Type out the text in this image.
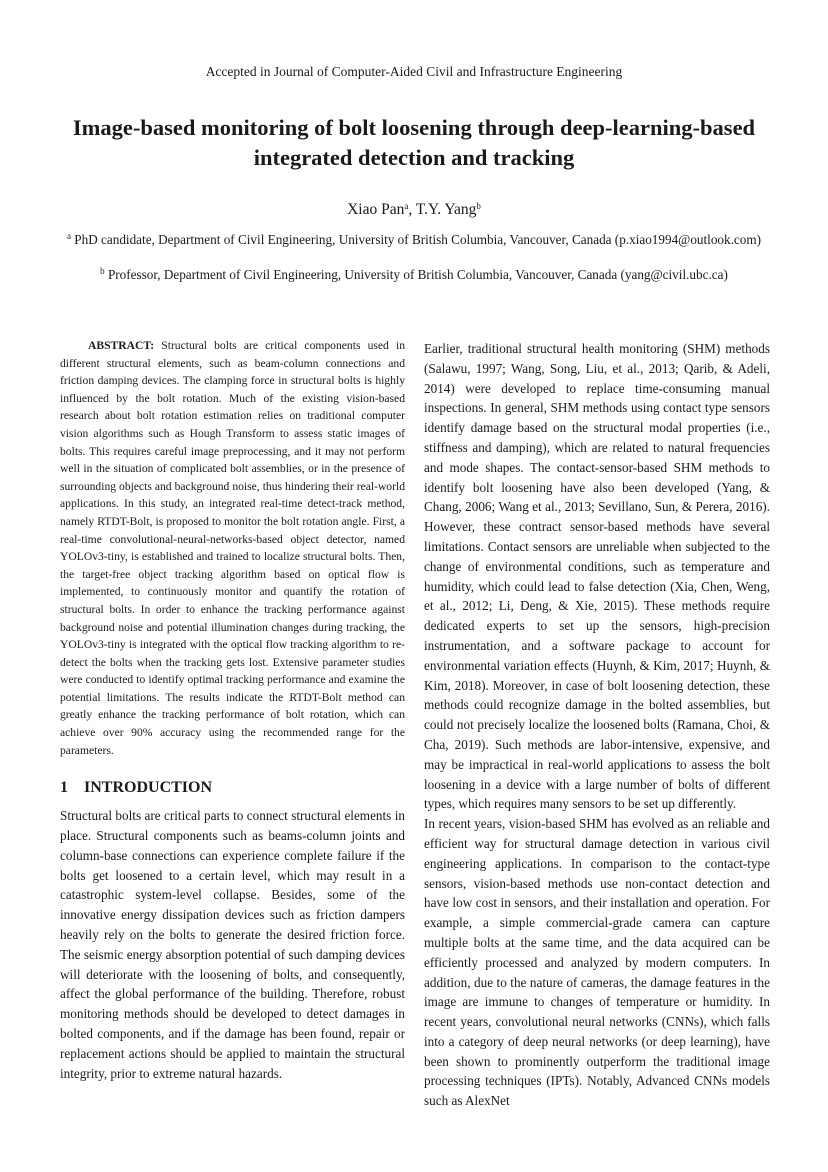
Accepted in Journal of Computer-Aided Civil and Infrastructure Engineering
Image-based monitoring of bolt loosening through deep-learning-based integrated detection and tracking
Xiao Pan$^a$, T.Y. Yang$^b$
$^a$ PhD candidate, Department of Civil Engineering, University of British Columbia, Vancouver, Canada (p.xiao1994@outlook.com)
$^b$ Professor, Department of Civil Engineering, University of British Columbia, Vancouver, Canada (yang@civil.ubc.ca)

ABSTRACT: Structural bolts are critical components used in different structural elements, such as beam-column connections and friction damping devices. The clamping force in structural bolts is highly influenced by the bolt rotation. Much of the existing vision-based research about bolt rotation estimation relies on traditional computer vision algorithms such as Hough Transform to assess static images of bolts. This requires careful image preprocessing, and it may not perform well in the situation of complicated bolt assemblies, or in the presence of surrounding objects and background noise, thus hindering their real-world applications. In this study, an integrated real-time detect-track method, namely RTDT-Bolt, is proposed to monitor the bolt rotation angle. First, a real-time convolutional-neural-networks-based object detector, named YOLOv3-tiny, is established and trained to localize structural bolts. Then, the target-free object tracking algorithm based on optical flow is implemented, to continuously monitor and quantify the rotation of structural bolts. In order to enhance the tracking performance against background noise and potential illumination changes during tracking, the YOLOv3-tiny is integrated with the optical flow tracking algorithm to re-detect the bolts when the tracking gets lost. Extensive parameter studies were conducted to identify optimal tracking performance and examine the potential limitations. The results indicate the RTDT-Bolt method can greatly enhance the tracking performance of bolt rotation, which can achieve over 90% accuracy using the recommended range for the parameters.

1 INTRODUCTION

Structural bolts are critical parts to connect structural elements in place. Structural components such as beams-column joints and column-base connections can experience complete failure if the bolts get loosened to a certain level, which may result in a catastrophic system-level collapse. Besides, some of the innovative energy dissipation devices such as friction dampers heavily rely on the bolts to generate the desired friction force. The seismic energy absorption potential of such damping devices will deteriorate with the loosening of bolts, and consequently, affect the global performance of the building. Therefore, robust monitoring methods should be developed to detect damages in bolted components, and if the damage has been found, repair or replacement actions should be applied to maintain the structural integrity, prior to extreme natural hazards.

Earlier, traditional structural health monitoring (SHM) methods (Salawu, 1997; Wang, Song, Liu, et al., 2013; Qarib, & Adeli, 2014) were developed to replace time-consuming manual inspections. In general, SHM methods using contact type sensors identify damage based on the structural modal properties (i.e., stiffness and damping), which are related to natural frequencies and mode shapes. The contact-sensor-based SHM methods to identify bolt loosening have also been developed (Yang, & Chang, 2006; Wang et al., 2013; Sevillano, Sun, & Perera, 2016). However, these contract sensor-based methods have several limitations. Contact sensors are unreliable when subjected to the change of environmental conditions, such as temperature and humidity, which could lead to false detection (Xia, Chen, Weng, et al., 2012; Li, Deng, & Xie, 2015). These methods require dedicated experts to set up the sensors, high-precision instrumentation, and a software package to account for environmental variation effects (Huynh, & Kim, 2017; Huynh, & Kim, 2018). Moreover, in case of bolt loosening detection, these methods could recognize damage in the bolted assemblies, but could not precisely localize the loosened bolts (Ramana, Choi, & Cha, 2019). Such methods are labor-intensive, expensive, and may be impractical in real-world applications to assess the bolt loosening in a device with a large number of bolts of different types, which requires many sensors to be set up differently.

In recent years, vision-based SHM has evolved as an reliable and efficient way for structural damage detection in various civil engineering applications. In comparison to the contact-type sensors, vision-based methods use non-contact detection and have low cost in sensors, and their installation and operation. For example, a simple commercial-grade camera can capture multiple bolts at the same time, and the data acquired can be efficiently processed and analyzed by modern computers. In addition, due to the nature of cameras, the damage features in the image are immune to changes of temperature or humidity. In recent years, convolutional neural networks (CNNs), which falls into a category of deep neural networks (or deep learning), have been shown to prominently outperform the traditional image processing techniques (IPTs). Notably, Advanced CNNs models such as AlexNet
